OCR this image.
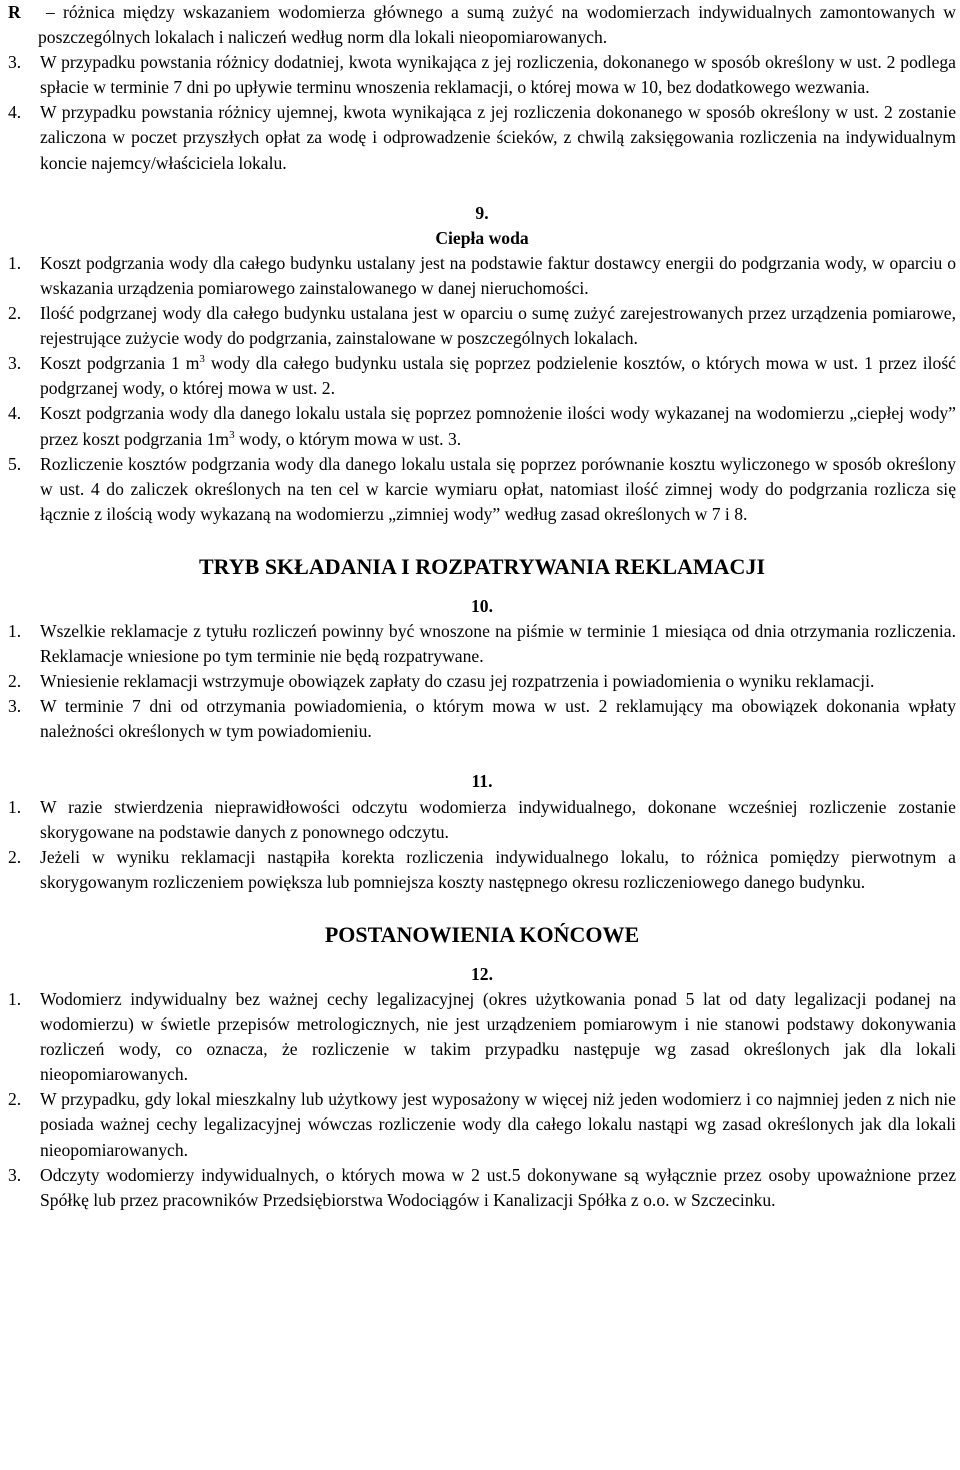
R	– różnica między wskazaniem wodomierza głównego a sumą zużyć na wodomierzach indywidualnych zamontowanych w poszczególnych lokalach i naliczeń według norm dla lokali nieopomiarowanych.
3.	W przypadku powstania różnicy dodatniej, kwota wynikająca z jej rozliczenia, dokonanego w sposób określony w ust. 2 podlega spłacie w terminie 7 dni po upływie terminu wnoszenia reklamacji, o której mowa w 10, bez dodatkowego wezwania.
4.	W przypadku powstania różnicy ujemnej, kwota wynikająca z jej rozliczenia dokonanego w sposób określony w ust. 2 zostanie zaliczona w poczet przyszłych opłat za wodę i odprowadzenie ścieków, z chwilą zaksięgowania rozliczenia na indywidualnym koncie najemcy/właściciela lokalu.
9.
Ciepła woda
1.	Koszt podgrzania wody dla całego budynku ustalany jest na podstawie faktur dostawcy energii do podgrzania wody, w oparciu o wskazania urządzenia pomiarowego zainstalowanego w danej nieruchomości.
2.	Ilość podgrzanej wody dla całego budynku ustalana jest w oparciu o sumę zużyć zarejestrowanych przez urządzenia pomiarowe, rejestrujące zużycie wody do podgrzania, zainstalowane w poszczególnych lokalach.
3.	Koszt podgrzania 1 $m^3$ wody dla całego budynku ustala się poprzez podzielenie kosztów, o których mowa w ust. 1 przez ilość podgrzanej wody, o której mowa w ust. 2.
4.	Koszt podgrzania wody dla danego lokalu ustala się poprzez pomnożenie ilości wody wykazanej na wodomierzu „ciepłej wody” przez koszt podgrzania $1m^3$ wody, o którym mowa w ust. 3.
5.	Rozliczenie kosztów podgrzania wody dla danego lokalu ustala się poprzez porównanie kosztu wyliczonego w sposób określony w ust. 4 do zaliczek określonych na ten cel w karcie wymiaru opłat, natomiast ilość zimnej wody do podgrzania rozlicza się łącznie z ilością wody wykazaną na wodomierzu „zimniej wody” według zasad określonych w 7 i 8.
TRYB SKŁADANIA I ROZPATRYWANIA REKLAMACJI
10.
1.	Wszelkie reklamacje z tytułu rozliczeń powinny być wnoszone na piśmie w terminie 1 miesiąca od dnia otrzymania rozliczenia. Reklamacje wniesione po tym terminie nie będą rozpatrywane.
2.	Wniesienie reklamacji wstrzymuje obowiązek zapłaty do czasu jej rozpatrzenia i powiadomienia o wyniku reklamacji.
3.	W terminie 7 dni od otrzymania powiadomienia, o którym mowa w ust. 2 reklamujący ma obowiązek dokonania wpłaty należności określonych w tym powiadomieniu.
11.
1.	W razie stwierdzenia nieprawidłowości odczytu wodomierza indywidualnego, dokonane wcześniej rozliczenie zostanie skorygowane na podstawie danych z ponownego odczytu.
2.	Jeżeli w wyniku reklamacji nastąpiła korekta rozliczenia indywidualnego lokalu, to różnica pomiędzy pierwotnym a skorygowanym rozliczeniem powiększa lub pomniejsza koszty następnego okresu rozliczeniowego danego budynku.
POSTANOWIENIA KOŃCOWE
12.
1.	Wodomierz indywidualny bez ważnej cechy legalizacyjnej (okres użytkowania ponad 5 lat od daty legalizacji podanej na wodomierzu) w świetle przepisów metrologicznych, nie jest urządzeniem pomiarowym i nie stanowi podstawy dokonywania rozliczeń wody, co oznacza, że rozliczenie w takim przypadku następuje wg zasad określonych jak dla lokali nieopomiarowanych.
2.	W przypadku, gdy lokal mieszkalny lub użytkowy jest wyposażony w więcej niż jeden wodomierz i co najmniej jeden z nich nie posiada ważnej cechy legalizacyjnej wówczas rozliczenie wody dla całego lokalu nastąpi wg zasad określonych jak dla lokali nieopomiarowanych.
3.	Odczyty wodomierzy indywidualnych, o których mowa w 2 ust.5 dokonywane są wyłącznie przez osoby upoważnione przez Spółkę lub przez pracowników Przedsiębiorstwa Wodociągów i Kanalizacji Spółka z o.o. w Szczecinku.
